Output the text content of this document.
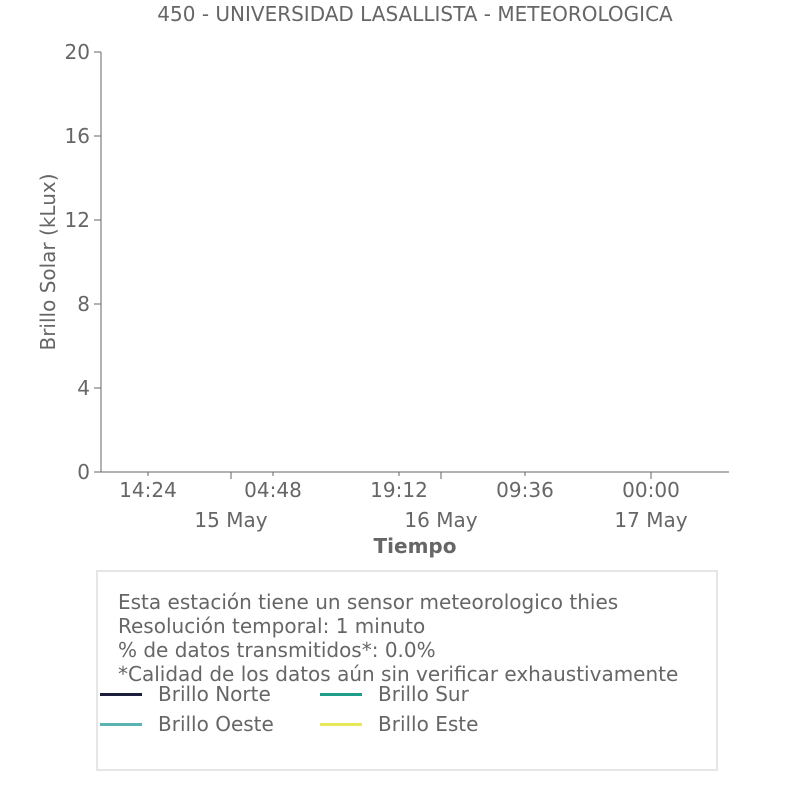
450 - UNIVERSIDAD LASALLISTA - METEOROLOGICA
0
4
8
12
16
20
14:24	04:48	19:12	09:36	00:00
15 May	16 May	17 May
Brillo Solar (kLux)
Tiempo
Esta estación tiene un sensor meteorologico thies
Resolución temporal: 1 minuto
% de datos transmitidos*: 0.0%
*Calidad de los datos aún sin verificar exhaustivamente
Brillo Norte	Brillo Sur
Brillo Oeste	Brillo Este
